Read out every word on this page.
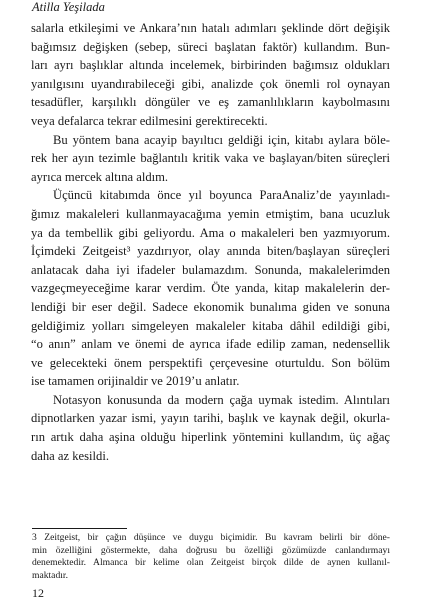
Atilla Yeşilada
salarla etkileşimi ve Ankara’nın hatalı adımları şeklinde dört değişik
bağımsız değişken (sebep, süreci başlatan faktör) kullandım. Bun-
ları ayrı başlıklar altında incelemek, birbirinden bağımsız oldukları
yanılgısını uyandırabileceği gibi, analizde çok önemli rol oynayan
tesadüfler, karşılıklı döngüler ve eş zamanlılıkların kaybolmasını
veya defalarca tekrar edilmesini gerektirecekti.
Bu yöntem bana acayip bayıltıcı geldiği için, kitabı aylara böle-
rek her ayın tezimle bağlantılı kritik vaka ve başlayan/biten süreçleri
ayrıca mercek altına aldım.
Üçüncü kitabımda önce yıl boyunca ParaAnaliz’de yayınladı-
ğımız makaleleri kullanmayacağıma yemin etmiştim, bana ucuzluk
ya da tembellik gibi geliyordu. Ama o makaleleri ben yazmıyorum.
İçimdeki Zeitgeist³ yazdırıyor, olay anında biten/başlayan süreçleri
anlatacak daha iyi ifadeler bulamazdım. Sonunda, makalelerimden
vazgeçmeyeceğime karar verdim. Öte yanda, kitap makalelerin der-
lendiği bir eser değil. Sadece ekonomik bunalıma giden ve sonuna
geldiğimiz yolları simgeleyen makaleler kitaba dâhil edildiği gibi,
“o anın” anlam ve önemi de ayrıca ifade edilip zaman, nedensellik
ve gelecekteki önem perspektifi çerçevesine oturtuldu. Son bölüm
ise tamamen orijinaldir ve 2019’u anlatır.
Notasyon konusunda da modern çağa uymak istedim. Alıntıları
dipnotlarken yazar ismi, yayın tarihi, başlık ve kaynak değil, okurla-
rın artık daha aşina olduğu hiperlink yöntemini kullandım, üç ağaç
daha az kesildi.
3 Zeitgeist, bir çağın düşünce ve duygu biçimidir. Bu kavram belirli bir döne-
min özelliğini göstermekte, daha doğrusu bu özelliği gözümüzde canlandırmayı
denemektedir. Almanca bir kelime olan Zeitgeist birçok dilde de aynen kullanıl-
maktadır.
12
